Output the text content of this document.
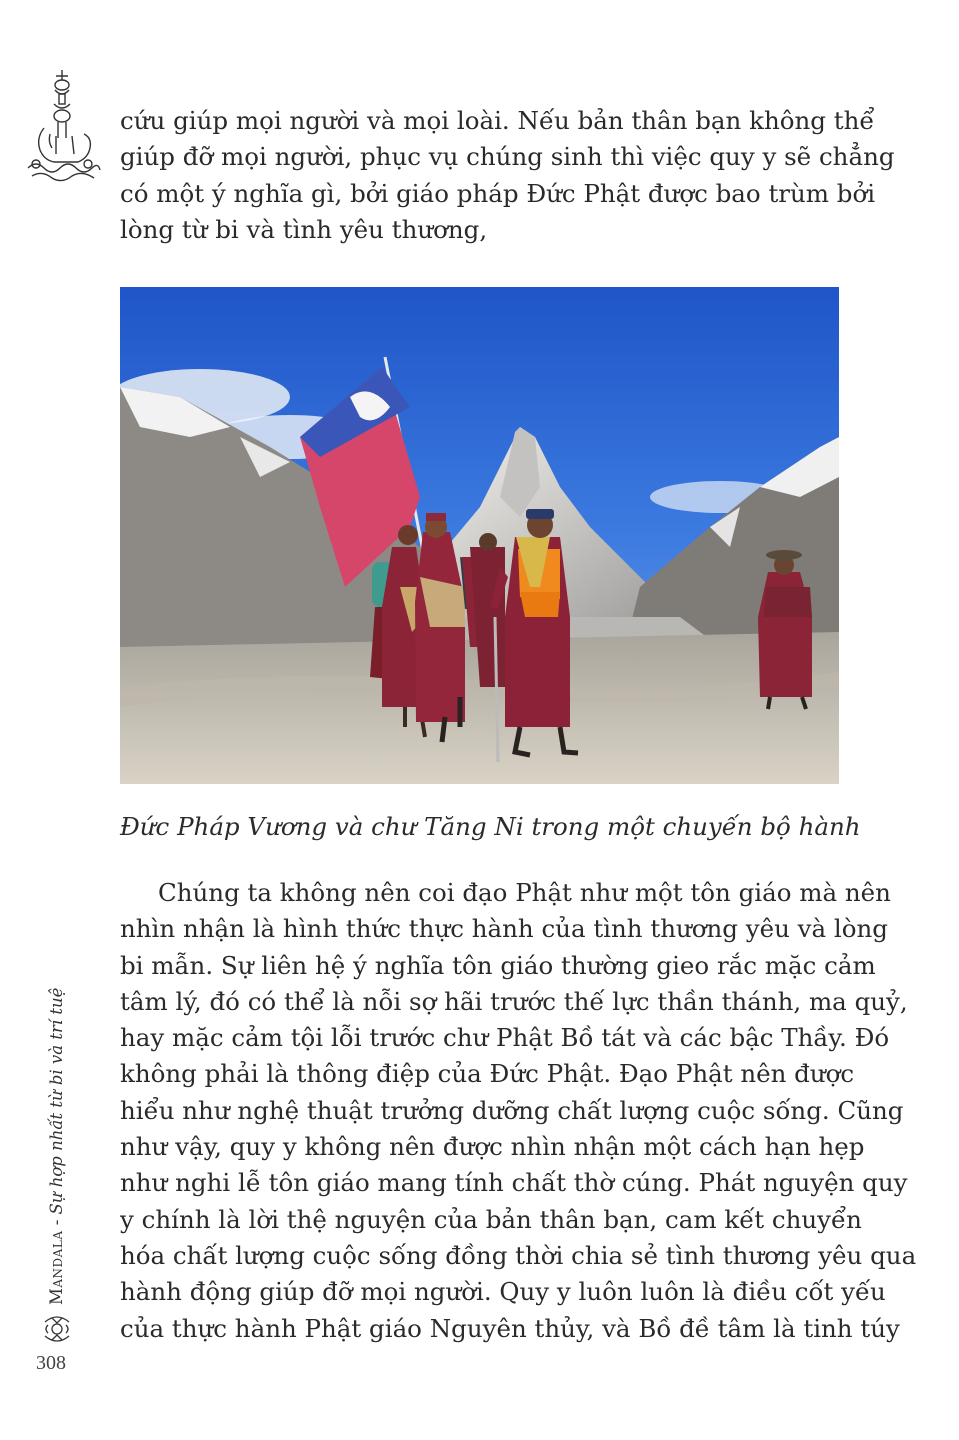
cứu giúp mọi người và mọi loài. Nếu bản thân bạn không thể
giúp đỡ mọi người, phục vụ chúng sinh thì việc quy y sẽ chẳng
có một ý nghĩa gì, bởi giáo pháp Đức Phật được bao trùm bởi
lòng từ bi và tình yêu thương,
Đức Pháp Vương và chư Tăng Ni trong một chuyến bộ hành
Chúng ta không nên coi đạo Phật như một tôn giáo mà nên
nhìn nhận là hình thức thực hành của tình thương yêu và lòng
bi mẫn. Sự liên hệ ý nghĩa tôn giáo thường gieo rắc mặc cảm
tâm lý, đó có thể là nỗi sợ hãi trước thế lực thần thánh, ma quỷ,
hay mặc cảm tội lỗi trước chư Phật Bồ tát và các bậc Thầy. Đó
không phải là thông điệp của Đức Phật. Đạo Phật nên được
hiểu như nghệ thuật trưởng dưỡng chất lượng cuộc sống. Cũng
như vậy, quy y không nên được nhìn nhận một cách hạn hẹp
như nghi lễ tôn giáo mang tính chất thờ cúng. Phát nguyện quy
y chính là lời thệ nguyện của bản thân bạn, cam kết chuyển
hóa chất lượng cuộc sống đồng thời chia sẻ tình thương yêu qua
hành động giúp đỡ mọi người. Quy y luôn luôn là điều cốt yếu
của thực hành Phật giáo Nguyên thủy, và Bồ đề tâm là tinh túy
Mandala - Sự hợp nhất từ bi và trí tuệ
308
